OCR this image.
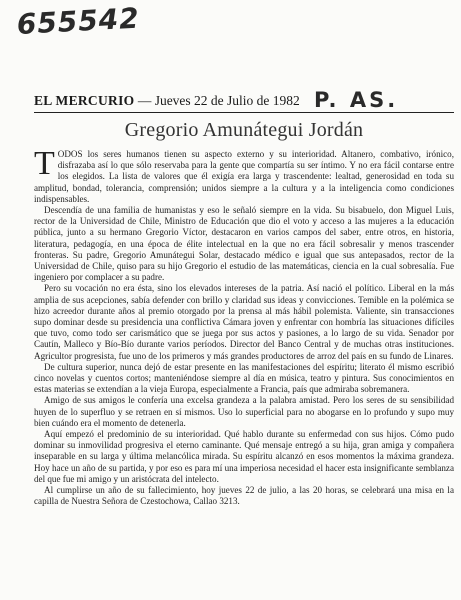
655542
P. AS.
EL MERCURIO — Jueves 22 de Julio de 1982
Gregorio Amunátegui Jordán

TODOS los seres humanos tienen su aspecto externo y su interioridad. Altanero, combativo, irónico, disfrazaba así lo que sólo reservaba para la gente que compartía su ser íntimo. Y no era fácil contarse entre los elegidos. La lista de valores que él exigía era larga y trascendente: lealtad, generosidad en toda su amplitud, bondad, tolerancia, comprensión; unidos siempre a la cultura y a la inteligencia como condiciones indispensables.

Descendía de una familia de humanistas y eso le señaló siempre en la vida. Su bisabuelo, don Miguel Luis, rector de la Universidad de Chile, Ministro de Educación que dio el voto y acceso a las mujeres a la educación pública, junto a su hermano Gregorio Víctor, destacaron en varios campos del saber, entre otros, en historia, literatura, pedagogía, en una época de élite intelectual en la que no era fácil sobresalir y menos trascender fronteras. Su padre, Gregorio Amunátegui Solar, destacado médico e igual que sus antepasados, rector de la Universidad de Chile, quiso para su hijo Gregorio el estudio de las matemáticas, ciencia en la cual sobresalía. Fue ingeniero por complacer a su padre.

Pero su vocación no era ésta, sino los elevados intereses de la patria. Así nació el político. Liberal en la más amplia de sus acepciones, sabía defender con brillo y claridad sus ideas y convicciones. Temible en la polémica se hizo acreedor durante años al premio otorgado por la prensa al más hábil polemista. Valiente, sin transacciones supo dominar desde su presidencia una conflictiva Cámara joven y enfrentar con hombría las situaciones difíciles que tuvo, como todo ser carismático que se juega por sus actos y pasiones, a lo largo de su vida. Senador por Cautín, Malleco y Bío-Bío durante varios períodos. Director del Banco Central y de muchas otras instituciones. Agricultor progresista, fue uno de los primeros y más grandes productores de arroz del país en su fundo de Linares.

De cultura superior, nunca dejó de estar presente en las manifestaciones del espíritu; literato él mismo escribió cinco novelas y cuentos cortos; manteniéndose siempre al día en música, teatro y pintura. Sus conocimientos en estas materias se extendían a la vieja Europa, especialmente a Francia, país que admiraba sobremanera.

Amigo de sus amigos le confería una excelsa grandeza a la palabra amistad. Pero los seres de su sensibilidad huyen de lo superfluo y se retraen en sí mismos. Uso lo superficial para no abogarse en lo profundo y supo muy bien cuándo era el momento de detenerla.

Aquí empezó el predominio de su interioridad. Qué hablo durante su enfermedad con sus hijos. Cómo pudo dominar su inmovilidad progresiva el eterno caminante. Qué mensaje entregó a su hija, gran amiga y compañera inseparable en su larga y última melancólica mirada. Su espíritu alcanzó en esos momentos la máxima grandeza. Hoy hace un año de su partida, y por eso es para mí una imperiosa necesidad el hacer esta insignificante semblanza del que fue mi amigo y un aristócrata del intelecto.

Al cumplirse un año de su fallecimiento, hoy jueves 22 de julio, a las 20 horas, se celebrará una misa en la capilla de Nuestra Señora de Czestochowa, Callao 3213.
